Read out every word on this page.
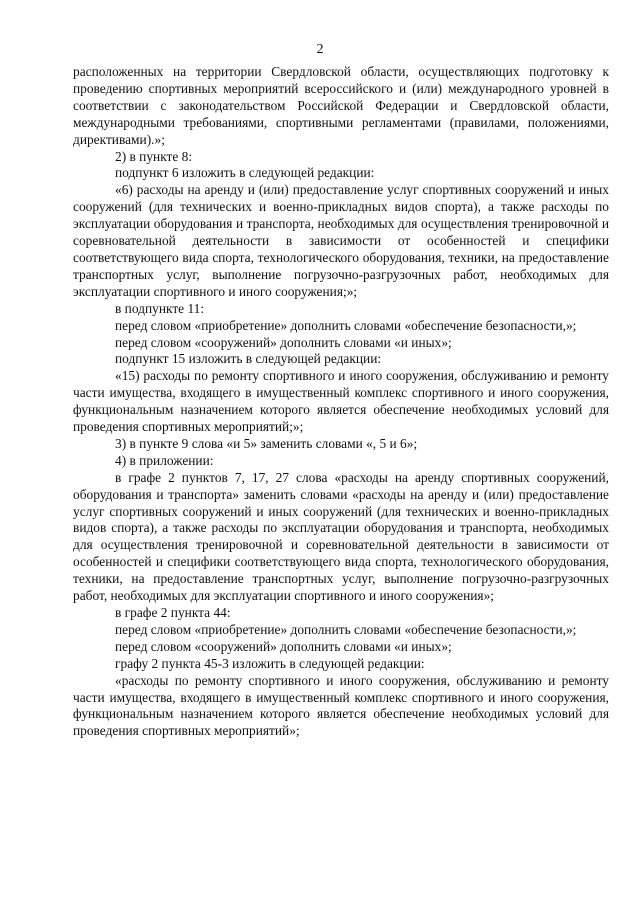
2

расположенных на территории Свердловской области, осуществляющих подготовку к проведению спортивных мероприятий всероссийского и (или) международного уровней в соответствии с законодательством Российской Федерации и Свердловской области, международными требованиями, спортивными регламентами (правилами, положениями, директивами).»;

2) в пункте 8:

подпункт 6 изложить в следующей редакции:

«6) расходы на аренду и (или) предоставление услуг спортивных сооружений и иных сооружений (для технических и военно-прикладных видов спорта), а также расходы по эксплуатации оборудования и транспорта, необходимых для осуществления тренировочной и соревновательной деятельности в зависимости от особенностей и специфики соответствующего вида спорта, технологического оборудования, техники, на предоставление транспортных услуг, выполнение погрузочно-разгрузочных работ, необходимых для эксплуатации спортивного и иного сооружения;»;

в подпункте 11:

перед словом «приобретение» дополнить словами «обеспечение безопасности,»;

перед словом «сооружений» дополнить словами «и иных»;

подпункт 15 изложить в следующей редакции:

«15) расходы по ремонту спортивного и иного сооружения, обслуживанию и ремонту части имущества, входящего в имущественный комплекс спортивного и иного сооружения, функциональным назначением которого является обеспечение необходимых условий для проведения спортивных мероприятий;»;

3) в пункте 9 слова «и 5» заменить словами «, 5 и 6»;

4) в приложении:

в графе 2 пунктов 7, 17, 27 слова «расходы на аренду спортивных сооружений, оборудования и транспорта» заменить словами «расходы на аренду и (или) предоставление услуг спортивных сооружений и иных сооружений (для технических и военно-прикладных видов спорта), а также расходы по эксплуатации оборудования и транспорта, необходимых для осуществления тренировочной и соревновательной деятельности в зависимости от особенностей и специфики соответствующего вида спорта, технологического оборудования, техники, на предоставление транспортных услуг, выполнение погрузочно-разгрузочных работ, необходимых для эксплуатации спортивного и иного сооружения»;

в графе 2 пункта 44:

перед словом «приобретение» дополнить словами «обеспечение безопасности,»;

перед словом «сооружений» дополнить словами «и иных»;

графу 2 пункта 45-3 изложить в следующей редакции:

«расходы по ремонту спортивного и иного сооружения, обслуживанию и ремонту части имущества, входящего в имущественный комплекс спортивного и иного сооружения, функциональным назначением которого является обеспечение необходимых условий для проведения спортивных мероприятий»;
